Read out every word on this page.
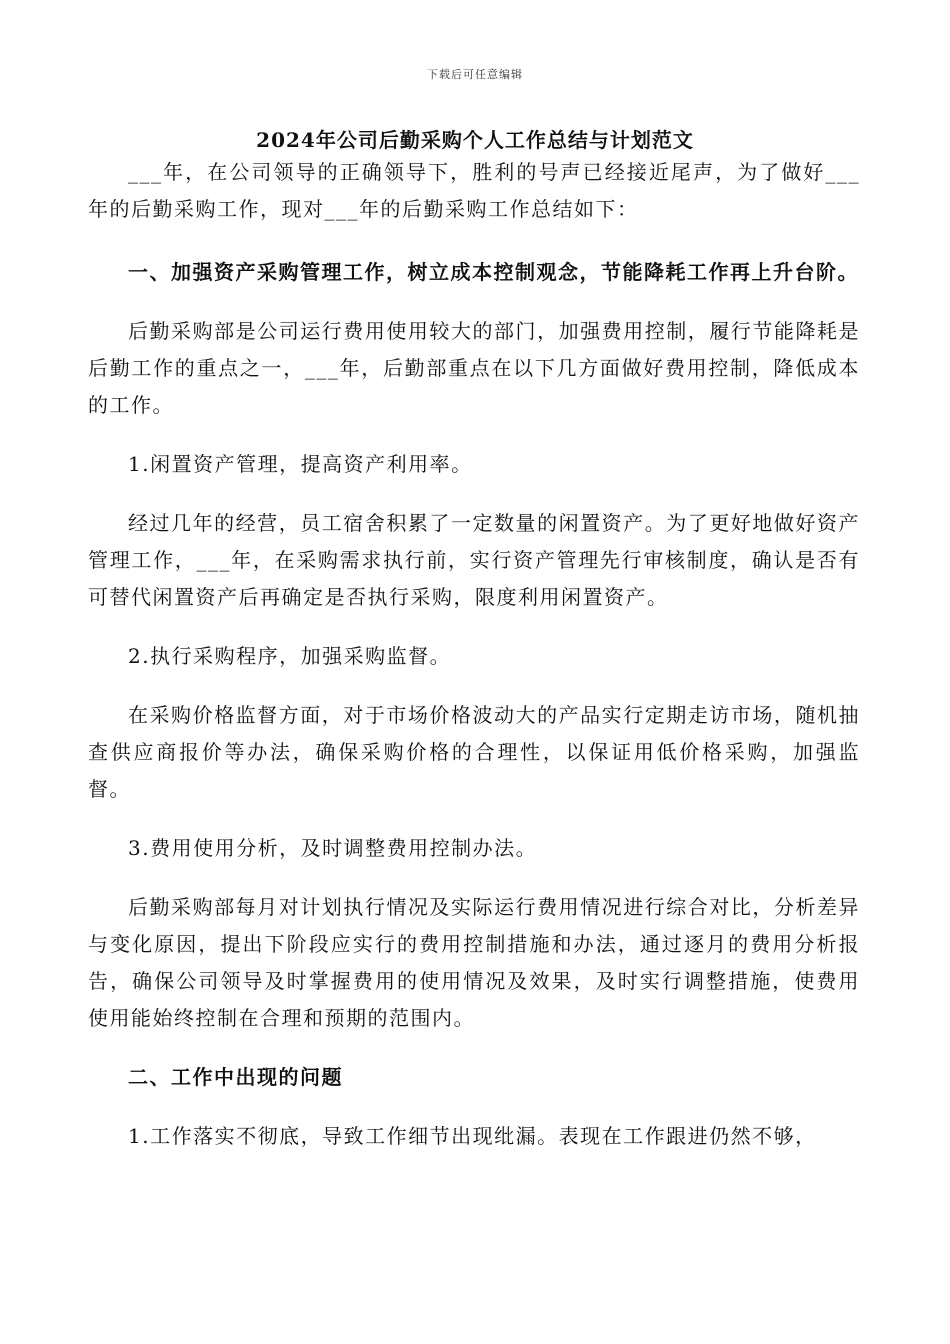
下载后可任意编辑
2024年公司后勤采购个人工作总结与计划范文

___年，在公司领导的正确领导下，胜利的号声已经接近尾声，为了做好___年的后勤采购工作，现对___年的后勤采购工作总结如下：

一、加强资产采购管理工作，树立成本控制观念，节能降耗工作再上升台阶。

后勤采购部是公司运行费用使用较大的部门，加强费用控制，履行节能降耗是后勤工作的重点之一，___年，后勤部重点在以下几方面做好费用控制，降低成本的工作。

1.闲置资产管理，提高资产利用率。

经过几年的经营，员工宿舍积累了一定数量的闲置资产。为了更好地做好资产管理工作，___年，在采购需求执行前，实行资产管理先行审核制度，确认是否有可替代闲置资产后再确定是否执行采购，限度利用闲置资产。

2.执行采购程序，加强采购监督。

在采购价格监督方面，对于市场价格波动大的产品实行定期走访市场，随机抽查供应商报价等办法，确保采购价格的合理性，以保证用低价格采购，加强监督。

3.费用使用分析，及时调整费用控制办法。

后勤采购部每月对计划执行情况及实际运行费用情况进行综合对比，分析差异与变化原因，提出下阶段应实行的费用控制措施和办法，通过逐月的费用分析报告，确保公司领导及时掌握费用的使用情况及效果，及时实行调整措施，使费用使用能始终控制在合理和预期的范围内。

二、工作中出现的问题

1.工作落实不彻底，导致工作细节出现纰漏。表现在工作跟进仍然不够，
